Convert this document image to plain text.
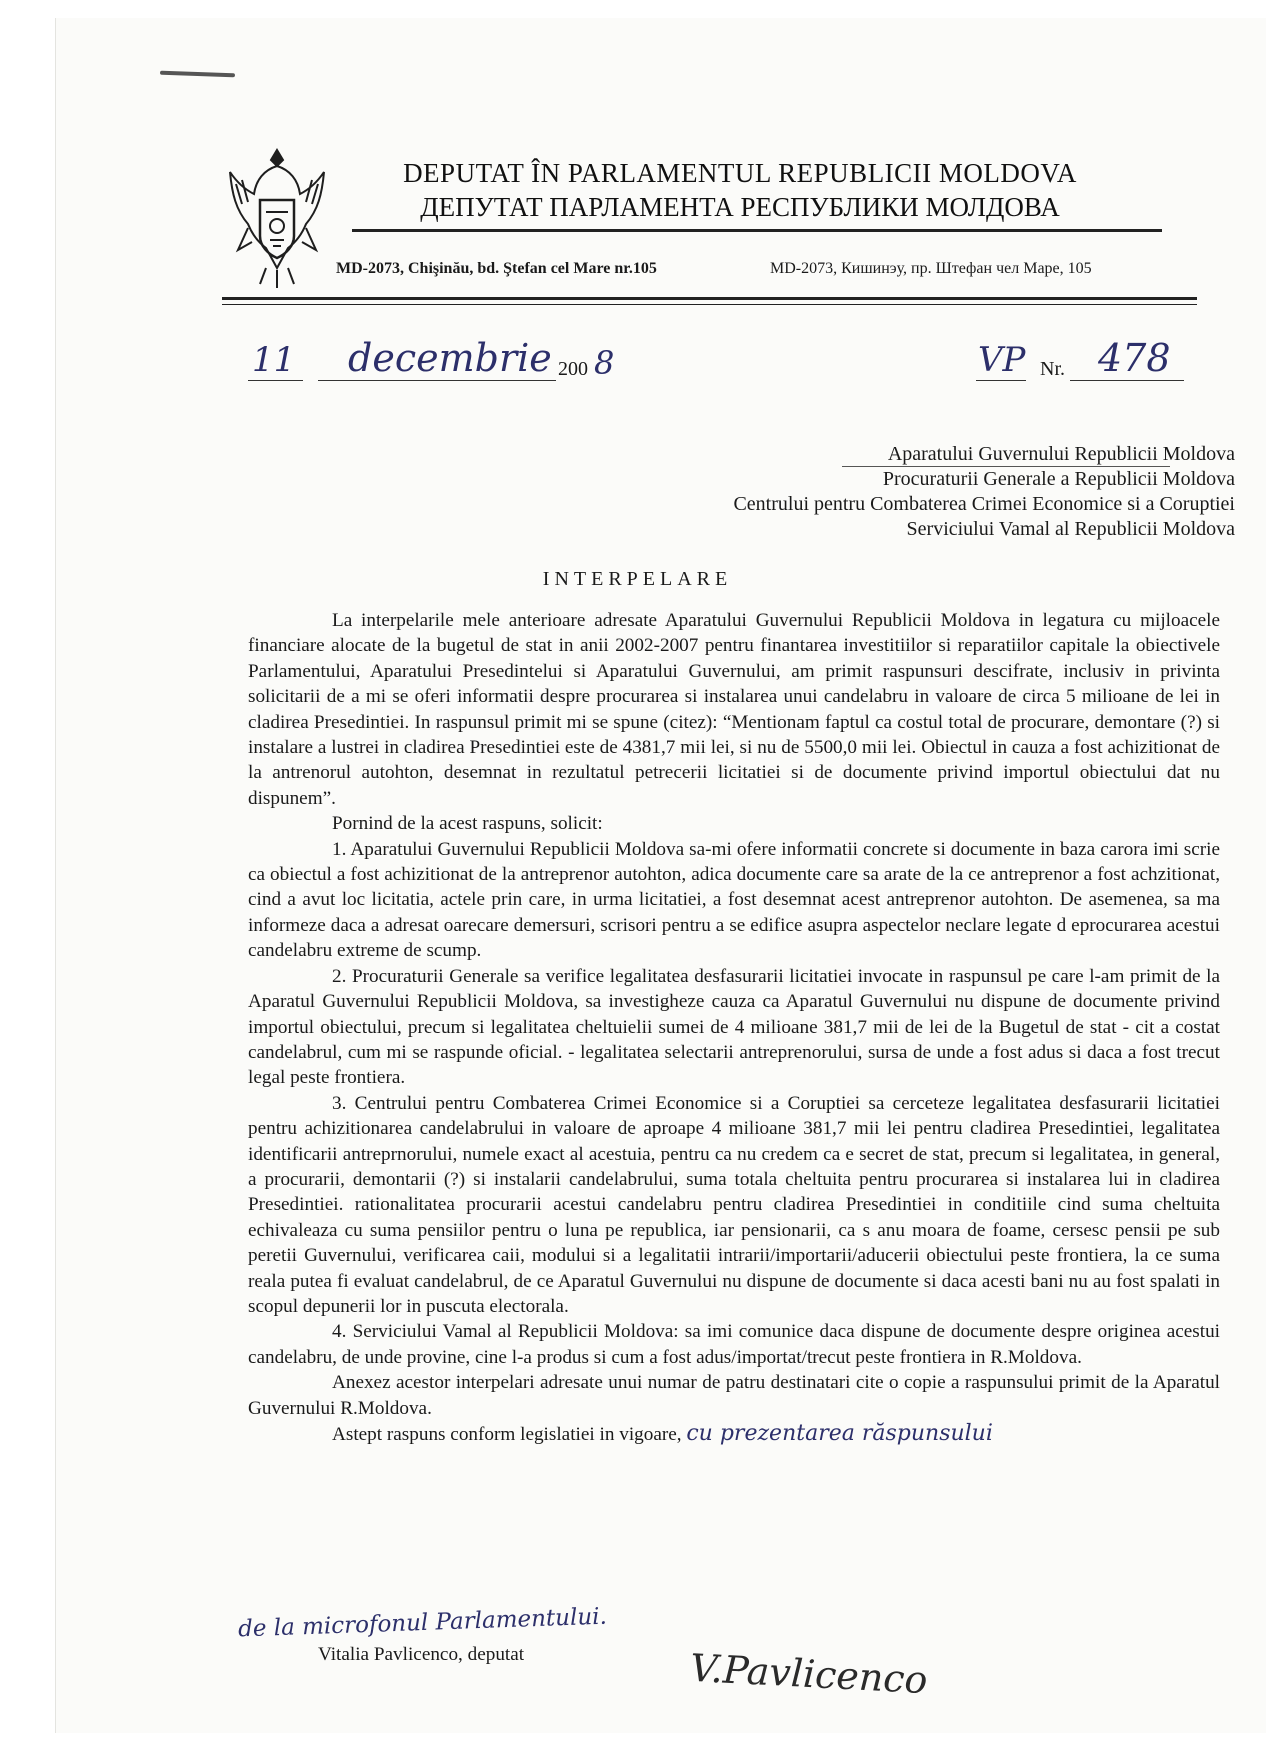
DEPUTAT ÎN PARLAMENTUL REPUBLICII MOLDOVA
ДЕПУТАТ ПАРЛАМЕНТА РЕСПУБЛИКИ МОЛДОВА
MD-2073, Chişinău, bd. Ştefan cel Mare nr.105	MD-2073, Кишинэу, пр. Штефан чел Маре, 105
11 decembrie 200 8	VP Nr. 478
Aparatului Guvernului Republicii Moldova
Procuraturii Generale a Republicii Moldova
Centrului pentru Combaterea Crimei Economice si a Coruptiei
Serviciului Vamal al Republicii Moldova
INTERPELARE

La interpelarile mele anterioare adresate Aparatului Guvernului Republicii Moldova in legatura cu mijloacele financiare alocate de la bugetul de stat in anii 2002-2007 pentru finantarea investitiilor si reparatiilor capitale la obiectivele Parlamentului, Aparatului Presedintelui si Aparatului Guvernului, am primit raspunsuri descifrate, inclusiv in privinta solicitarii de a mi se oferi informatii despre procurarea si instalarea unui candelabru in valoare de circa 5 milioane de lei in cladirea Presedintiei. In raspunsul primit mi se spune (citez): “Mentionam faptul ca costul total de procurare, demontare (?) si instalare a lustrei in cladirea Presedintiei este de 4381,7 mii lei, si nu de 5500,0 mii lei. Obiectul in cauza a fost achizitionat de la antrenorul autohton, desemnat in rezultatul petrecerii licitatiei si de documente privind importul obiectului dat nu dispunem”.

Pornind de la acest raspuns, solicit:

1. Aparatului Guvernului Republicii Moldova sa-mi ofere informatii concrete si documente in baza carora imi scrie ca obiectul a fost achizitionat de la antreprenor autohton, adica documente care sa arate de la ce antreprenor a fost achzitionat, cind a avut loc licitatia, actele prin care, in urma licitatiei, a fost desemnat acest antreprenor autohton. De asemenea, sa ma informeze daca a adresat oarecare demersuri, scrisori pentru a se edifice asupra aspectelor neclare legate d eprocurarea acestui candelabru extreme de scump.

2. Procuraturii Generale sa verifice legalitatea desfasurarii licitatiei invocate in raspunsul pe care l-am primit de la Aparatul Guvernului Republicii Moldova, sa investigheze cauza ca Aparatul Guvernului nu dispune de documente privind importul obiectului, precum si legalitatea cheltuielii sumei de 4 milioane 381,7 mii de lei de la Bugetul de stat - cit a costat candelabrul, cum mi se raspunde oficial. - legalitatea selectarii antreprenorului, sursa de unde a fost adus si daca a fost trecut legal peste frontiera.

3. Centrului pentru Combaterea Crimei Economice si a Coruptiei sa cerceteze legalitatea desfasurarii licitatiei pentru achizitionarea candelabrului in valoare de aproape 4 milioane 381,7 mii lei pentru cladirea Presedintiei, legalitatea identificarii antreprnorului, numele exact al acestuia, pentru ca nu credem ca e secret de stat, precum si legalitatea, in general, a procurarii, demontarii (?) si instalarii candelabrului, suma totala cheltuita pentru procurarea si instalarea lui in cladirea Presedintiei. rationalitatea procurarii acestui candelabru pentru cladirea Presedintiei in conditiile cind suma cheltuita echivaleaza cu suma pensiilor pentru o luna pe republica, iar pensionarii, ca s anu moara de foame, cersesc pensii pe sub peretii Guvernului, verificarea caii, modului si a legalitatii intrarii/importarii/aducerii obiectului peste frontiera, la ce suma reala putea fi evaluat candelabrul, de ce Aparatul Guvernului nu dispune de documente si daca acesti bani nu au fost spalati in scopul depunerii lor in puscuta electorala.

4. Serviciului Vamal al Republicii Moldova: sa imi comunice daca dispune de documente despre originea acestui candelabru, de unde provine, cine l-a produs si cum a fost adus/importat/trecut peste frontiera in R.Moldova.

Anexez acestor interpelari adresate unui numar de patru destinatari cite o copie a raspunsului primit de la Aparatul Guvernului R.Moldova.

Astept raspuns conform legislatiei in vigoare, cu prezentarea răspunsului

de la microfonul Parlamentului.
Vitalia Pavlicenco, deputat	V.Pavlicenco
